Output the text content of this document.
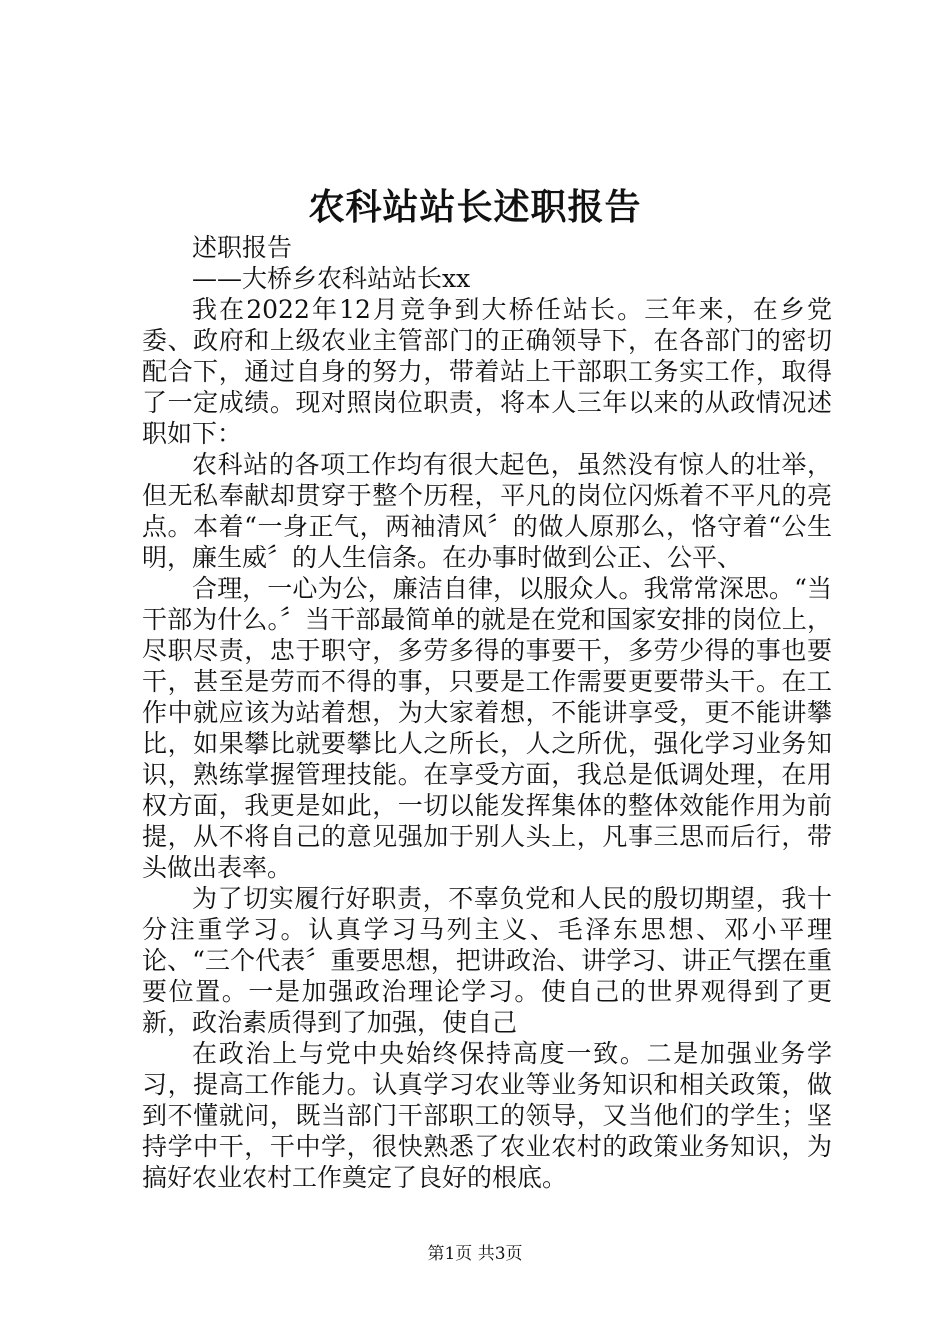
农科站站长述职报告

述职报告

——大桥乡农科站站长xx

我在2022年12月竞争到大桥任站长。三年来，在乡党委、政府和上级农业主管部门的正确领导下，在各部门的密切配合下，通过自身的努力，带着站上干部职工务实工作，取得了一定成绩。现对照岗位职责，将本人三年以来的从政情况述职如下：

农科站的各项工作均有很大起色，虽然没有惊人的壮举，但无私奉献却贯穿于整个历程，平凡的岗位闪烁着不平凡的亮点。本着“一身正气，两袖清风〞的做人原那么，恪守着“公生明，廉生威〞的人生信条。在办事时做到公正、公平、

合理，一心为公，廉洁自律，以服众人。我常常深思。“当干部为什么。〞当干部最简单的就是在党和国家安排的岗位上，尽职尽责，忠于职守，多劳多得的事要干，多劳少得的事也要干，甚至是劳而不得的事，只要是工作需要更要带头干。在工作中就应该为站着想，为大家着想，不能讲享受，更不能讲攀比，如果攀比就要攀比人之所长，人之所优，强化学习业务知识，熟练掌握管理技能。在享受方面，我总是低调处理，在用权方面，我更是如此，一切以能发挥集体的整体效能作用为前提，从不将自己的意见强加于别人头上，凡事三思而后行，带头做出表率。

为了切实履行好职责，不辜负党和人民的殷切期望，我十分注重学习。认真学习马列主义、毛泽东思想、邓小平理论、“三个代表〞重要思想，把讲政治、讲学习、讲正气摆在重要位置。一是加强政治理论学习。使自己的世界观得到了更新，政治素质得到了加强，使自己

在政治上与党中央始终保持高度一致。二是加强业务学习，提高工作能力。认真学习农业等业务知识和相关政策，做到不懂就问，既当部门干部职工的领导，又当他们的学生；坚持学中干，干中学，很快熟悉了农业农村的政策业务知识，为搞好农业农村工作奠定了良好的根底。

第1页 共3页
